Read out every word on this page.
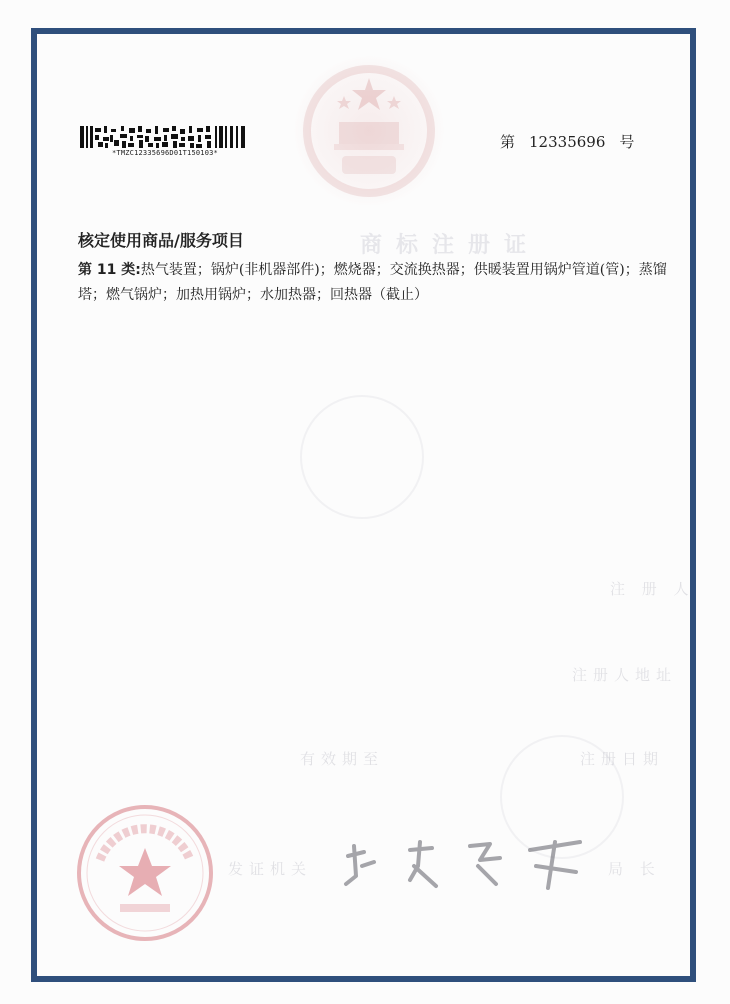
*TMZC12335696D01T150103*
第 12335696 号
商标注册证
核定使用商品/服务项目
第 11 类:热气装置；锅炉(非机器部件)；燃烧器；交流换热器；供暖装置用锅炉管道(管)；蒸馏塔；燃气锅炉；加热用锅炉；水加热器；回热器（截止）
注 册 人
注册人地址
注册日期
有效期至
局 长
发证机关
